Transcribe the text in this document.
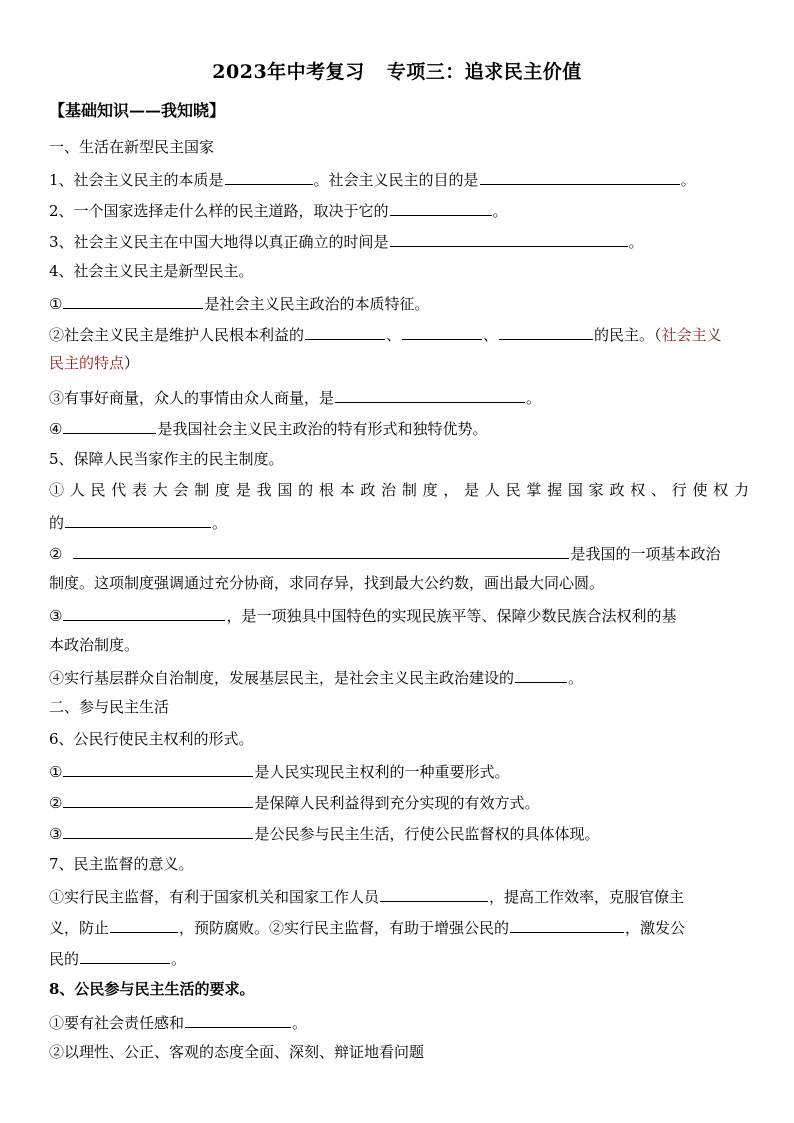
2023年中考复习 专项三：追求民主价值
【基础知识——我知晓】
一、生活在新型民主国家
1、社会主义民主的本质是	。社会主义民主的目的是	。
2、一个国家选择走什么样的民主道路，取决于它的	。
3、社会主义民主在中国大地得以真正确立的时间是	。
4、社会主义民主是新型民主。
①	是社会主义民主政治的本质特征。
②社会主义民主是维护人民根本利益的	、	、	的民主。（社会主义
民主的特点）
③有事好商量，众人的事情由众人商量，是	。
④	是我国社会主义民主政治的特有形式和独特优势。
5、保障人民当家作主的民主制度。
①人民代表大会制度是我国的根本政治制度，是人民掌握国家政权、行使权力
的	。
②	是我国的一项基本政治
制度。这项制度强调通过充分协商，求同存异，找到最大公约数，画出最大同心圆。
③	，是一项独具中国特色的实现民族平等、保障少数民族合法权利的基
本政治制度。
④实行基层群众自治制度，发展基层民主，是社会主义民主政治建设的	。
二、参与民主生活
6、公民行使民主权利的形式。
①	是人民实现民主权利的一种重要形式。
②	是保障人民利益得到充分实现的有效方式。
③	是公民参与民主生活，行使公民监督权的具体体现。
7、民主监督的意义。
①实行民主监督，有利于国家机关和国家工作人员	，提高工作效率，克服官僚主
义，防止	，预防腐败。②实行民主监督，有助于增强公民的	，激发公
民的	。
8、公民参与民主生活的要求。
①要有社会责任感和	。
②以理性、公正、客观的态度全面、深刻、辩证地看问题
